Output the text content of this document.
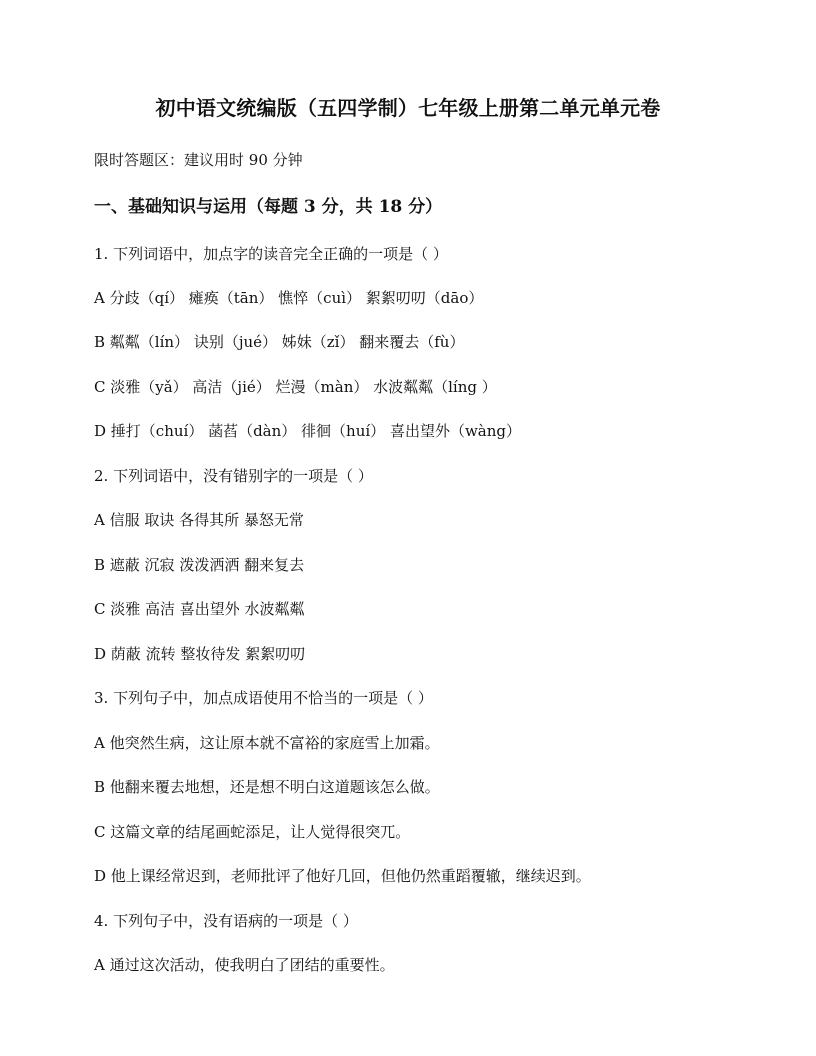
初中语文统编版（五四学制）七年级上册第二单元单元卷
限时答题区：建议用时 90 分钟
一、基础知识与运用（每题 3 分，共 18 分）
1. 下列词语中，加点字的读音完全正确的一项是（ ）
A 分歧（qí） 瘫痪（tān） 憔悴（cuì） 絮絮叨叨（dāo）
B 粼粼（lín） 诀别（jué） 姊妹（zǐ） 翻来覆去（fù）
C 淡雅（yǎ） 高洁（jié） 烂漫（màn） 水波粼粼（líng ）
D 捶打（chuí） 菡萏（dàn） 徘徊（huí） 喜出望外（wàng）
2. 下列词语中，没有错别字的一项是（ ）
A 信服 取诀 各得其所 暴怒无常
B 遮蔽 沉寂 泼泼洒洒 翻来复去
C 淡雅 高洁 喜出望外 水波粼粼
D 荫蔽 流转 整妆待发 絮絮叨叨
3. 下列句子中，加点成语使用不恰当的一项是（ ）
A 他突然生病，这让原本就不富裕的家庭雪上加霜。
B 他翻来覆去地想，还是想不明白这道题该怎么做。
C 这篇文章的结尾画蛇添足，让人觉得很突兀。
D 他上课经常迟到，老师批评了他好几回，但他仍然重蹈覆辙，继续迟到。
4. 下列句子中，没有语病的一项是（ ）
A 通过这次活动，使我明白了团结的重要性。
